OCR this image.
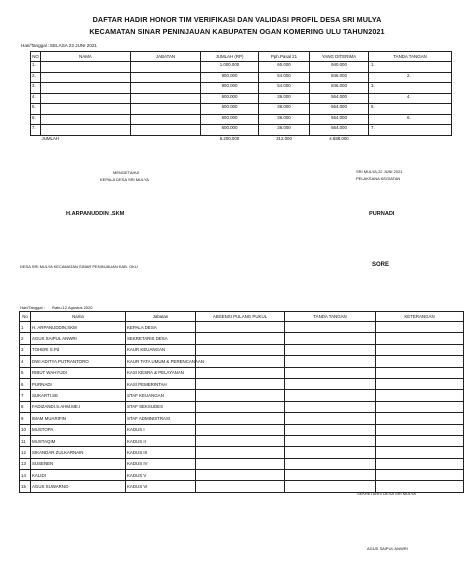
DAFTAR HADIR HONOR TIM VERIFIKASI DAN VALIDASI PROFIL DESA SRI MULYA
KECAMATAN SINAR PENINJAUAN KABUPATEN OGAN KOMERING ULU TAHUN2021
Hari/Tanggal : SELASA 22 JUNI 2021
NO	NAMA	JABATAN	JUMLAH (RP)	Pph.Pasal 21	YANG DITERIMA	TANDA TANGAN
1.			1.000.000	60.000	940.000	1.

2.			900.000	54.000	846.000	2.

3.			900.000	54.000	846.000	3.

4.			600.000	36.000	564.000	4.

5.			600.000	36.000	564.000	5.

6.			600.000	36.000	564.000	6.

7.			600.000	36.000	564.000	7.

	JUMLAH		5.200.000	312.000	4.888.000	
MENGETAHUI
KEPALA DESA SRI MULYA
SRI MULYA,22 JUNI 2021
PELAKSANA KEGIATAN
H.ARPANUDDIN .SKM	PURNADI
DESA SRI MULYA KECAMATAN SINAR PENINJAUAN KAB. OKU	SORE
Hari/Tanggal : Rabu,12 Agustus 2020
No	Nama	Jabatan	ABSENSI PULANG PUKUL	TANDA TANGAN	KETERANGAN
1	H. ARPANUDDIN,SKM	KEPALA DESA			
2	AGUS SAIPUL ANWRI	SEKRETARIS DESA			
3	TOHERI S.Pd	KAUR KEUANGAN			
4	DWI ADITYA PUTRANTORO	KAUR TATA UMUM & PERENCANAAN			
5	RIBUT WAHYUDI	KASI KESRA & PELAYANAN			
6	PURNADI	KASI PEMERINTAH			
7	SUKARTI.SE	STAF KEUANGAN			
8	FADIZANDI.S.AHM.ME.I	STAF SEKSUDES			
9	IMAM MUARIFIN	STAF ADMINISTRASI			
10	MUSTOPA	KADUS I			
11	MUSTAQIM	KADUS II			
12	SIKANDAR ZULKARNAIN	KADUS III			
13	SUSENEN	KADUS IV			
14	KALIDI	KADUS V			
15	AGUS SUWARNO	KADUS VI			
SEKRETARIS DESA SRI MULYA
AGUS SAIPUL ANWRI
